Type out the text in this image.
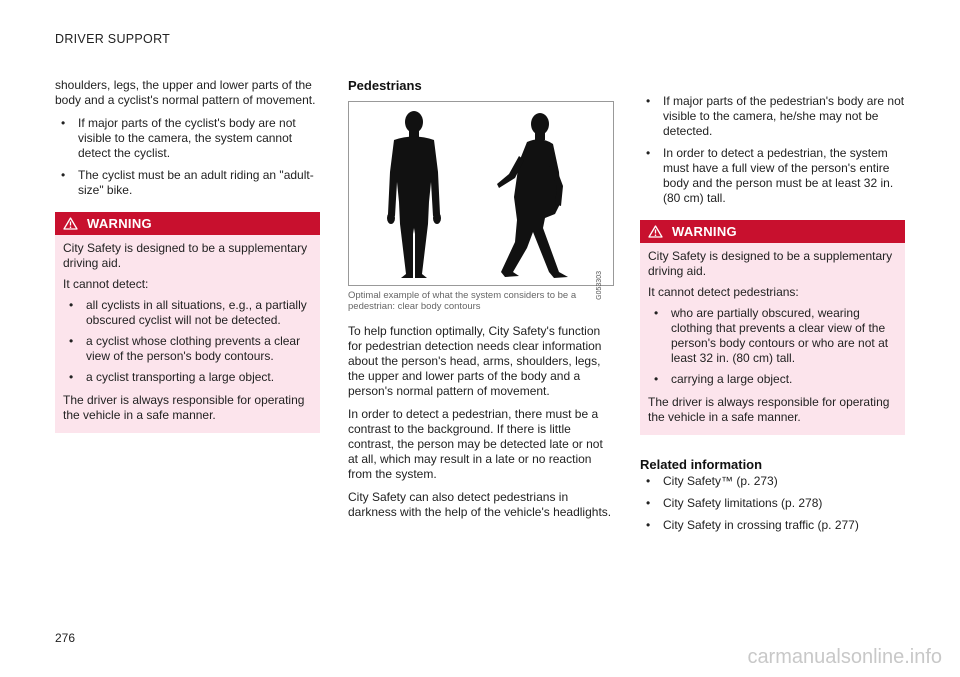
DRIVER SUPPORT

shoulders, legs, the upper and lower parts of the body and a cyclist's normal pattern of movement.

• If major parts of the cyclist's body are not visible to the camera, the system cannot detect the cyclist.
• The cyclist must be an adult riding an "adult-size" bike.
WARNING

City Safety is designed to be a supplementary driving aid.

It cannot detect:

• all cyclists in all situations, e.g., a partially obscured cyclist will not be detected.
• a cyclist whose clothing prevents a clear view of the person's body contours.
• a cyclist transporting a large object.

The driver is always responsible for operating the vehicle in a safe manner.

Pedestrians
G053303
Optimal example of what the system considers to be a pedestrian: clear body contours

To help function optimally, City Safety's function for pedestrian detection needs clear information about the person's head, arms, shoulders, legs, the upper and lower parts of the body and a person's normal pattern of movement.

In order to detect a pedestrian, there must be a contrast to the background. If there is little contrast, the person may be detected late or not at all, which may result in a late or no reaction from the system.

City Safety can also detect pedestrians in darkness with the help of the vehicle's headlights.

• If major parts of the pedestrian's body are not visible to the camera, he/she may not be detected.
• In order to detect a pedestrian, the system must have a full view of the person's entire body and the person must be at least 32 in. (80 cm) tall.
WARNING

City Safety is designed to be a supplementary driving aid.

It cannot detect pedestrians:

• who are partially obscured, wearing clothing that prevents a clear view of the person's body contours or who are not at least 32 in. (80 cm) tall.
• carrying a large object.

The driver is always responsible for operating the vehicle in a safe manner.

Related information
• City Safety™ (p. 273)
• City Safety limitations (p. 278)
• City Safety in crossing traffic (p. 277)
276
carmanualsonline.info
